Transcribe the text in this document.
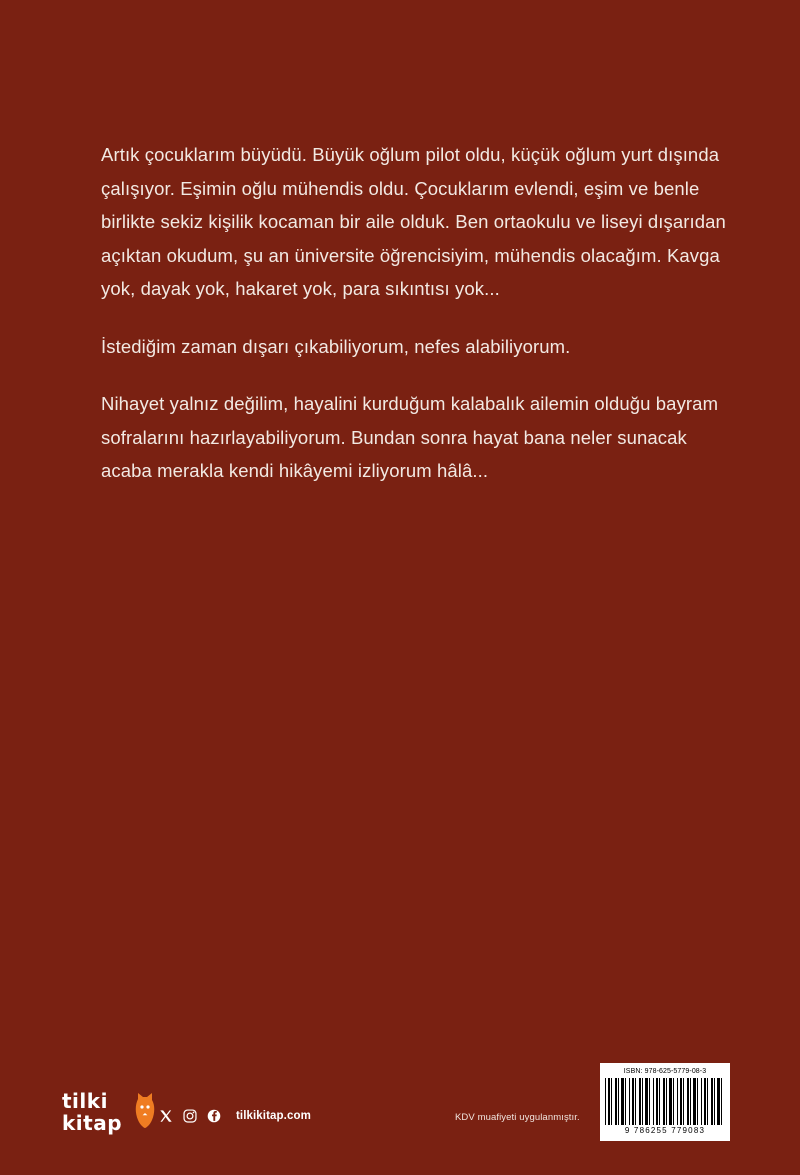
Artık çocuklarım büyüdü. Büyük oğlum pilot oldu, küçük oğlum yurt dışında çalışıyor. Eşimin oğlu mühendis oldu. Çocuklarım evlendi, eşim ve benle birlikte sekiz kişilik kocaman bir aile olduk. Ben ortaokulu ve liseyi dışarıdan açıktan okudum, şu an üniversite öğrencisiyim, mühendis olacağım. Kavga yok, dayak yok, hakaret yok, para sıkıntısı yok...

İstediğim zaman dışarı çıkabiliyorum, nefes alabiliyorum.

Nihayet yalnız değilim, hayalini kurduğum kalabalık ailemin olduğu bayram sofralarını hazırlayabiliyorum. Bundan sonra hayat bana neler sunacak acaba merakla kendi hikâyemi izliyorum hâlâ...

tilki
kitap	tilkikitap.com	KDV muafiyeti uygulanmıştır.
ISBN: 978-625-5779-08-3
9 786255 779083
